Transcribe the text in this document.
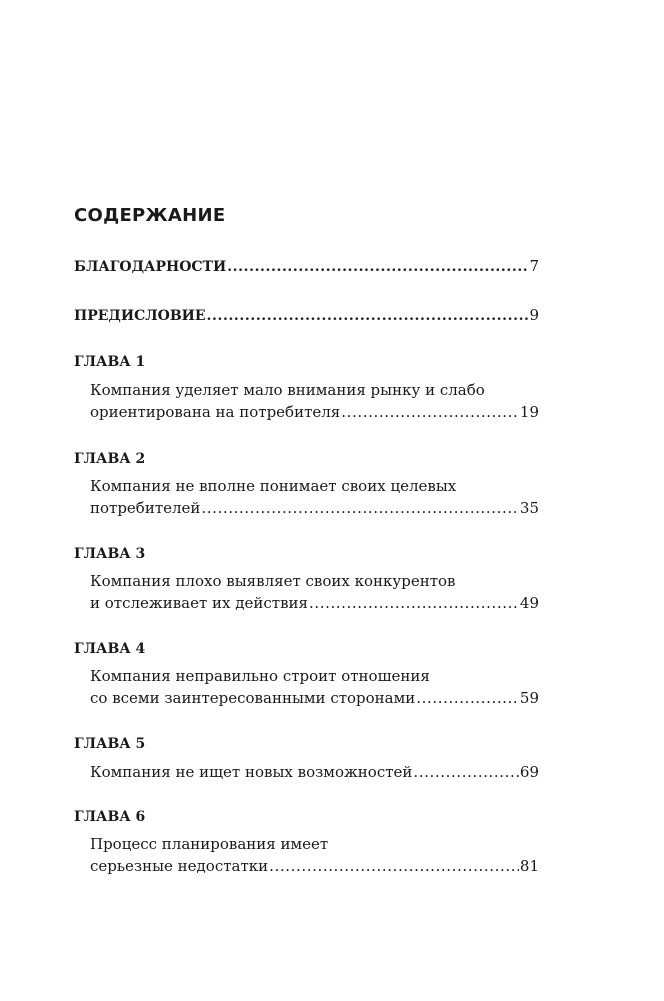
СОДЕРЖАНИЕ
БЛАГОДАРНОСТИ .....	7
ПРЕДИСЛОВИЕ .....	9
ГЛАВА 1
Компания уделяет мало внимания рынку и слабо
ориентирована на потребителя .....	19
ГЛАВА 2
Компания не вполне понимает своих целевых
потребителей .....	35
ГЛАВА 3
Компания плохо выявляет своих конкурентов
и отслеживает их действия .....	49
ГЛАВА 4
Компания неправильно строит отношения
со всеми заинтересованными сторонами .....	59
ГЛАВА 5
Компания не ищет новых возможностей .....	69
ГЛАВА 6
Процесс планирования имеет
серьезные недостатки .....	81
